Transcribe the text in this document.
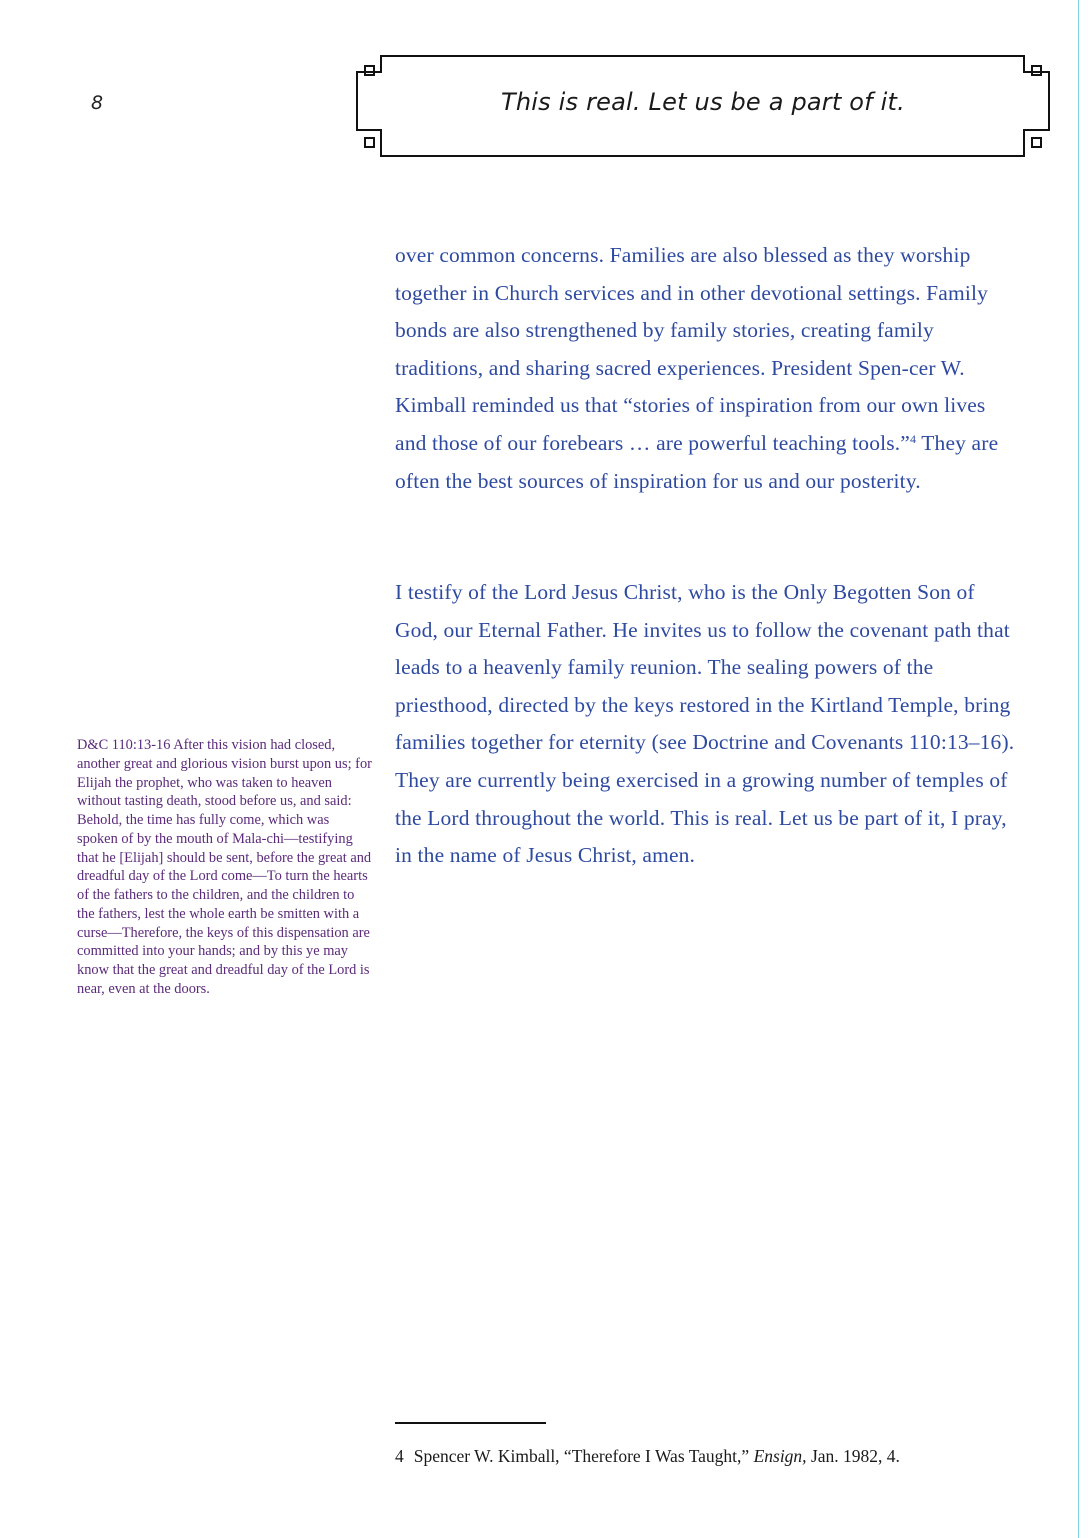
8	This is real. Let us be a part of it.

over common concerns. Families are also blessed as they worship together in Church services and in other devotional settings. Family bonds are also strengthened by family stories, creating family traditions, and sharing sacred experiences. President Spen-cer W. Kimball reminded us that “stories of inspiration from our own lives and those of our forebears … are powerful teaching tools.”$^4$ They are often the best sources of inspiration for us and our posterity.

I testify of the Lord Jesus Christ, who is the Only Begotten Son of God, our Eternal Father. He invites us to follow the covenant path that leads to a heavenly family reunion. The sealing powers of the priesthood, directed by the keys restored in the Kirtland Temple, bring families together for eternity (see Doctrine and Covenants 110:13–16). They are currently being exercised in a growing number of temples of the Lord throughout the world. This is real. Let us be part of it, I pray, in the name of Jesus Christ, amen.

D&C 110:13-16 After this vision had closed, another great and glorious vision burst upon us; for Elijah the prophet, who was taken to heaven without tasting death, stood before us, and said: Behold, the time has fully come, which was spoken of by the mouth of Mala-chi—testifying that he [Elijah] should be sent, before the great and dreadful day of the Lord come—To turn the hearts of the fathers to the children, and the children to the fathers, lest the whole earth be smitten with a curse—Therefore, the keys of this dispensation are committed into your hands; and by this ye may know that the great and dreadful day of the Lord is near, even at the doors.

4 Spencer W. Kimball, “Therefore I Was Taught,” Ensign, Jan. 1982, 4.
